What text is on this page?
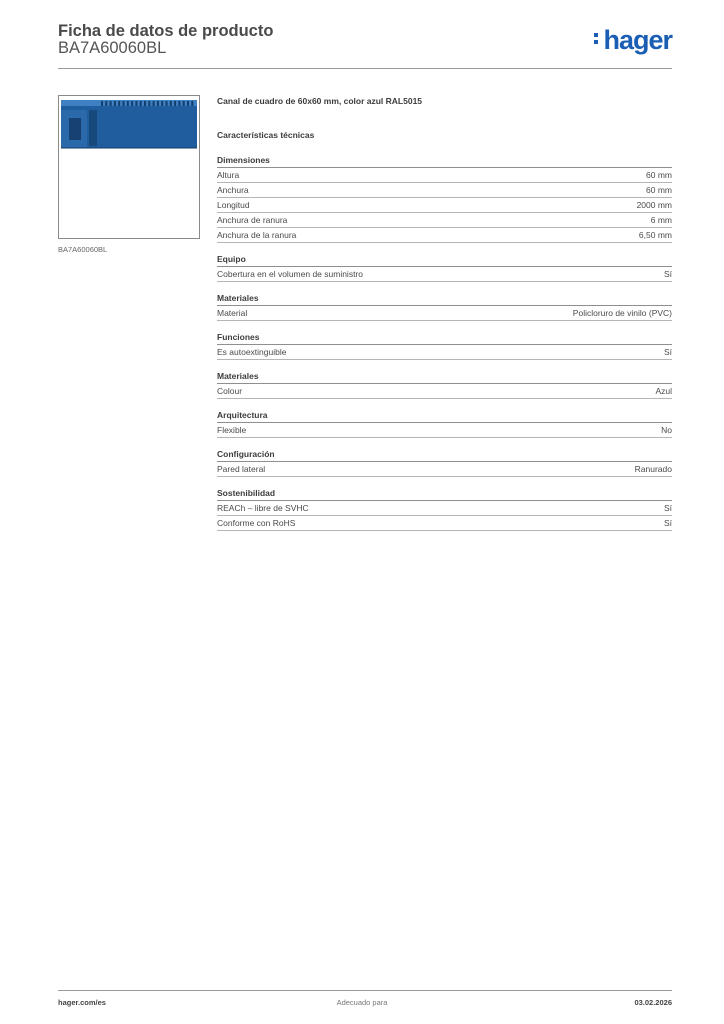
Ficha de datos de producto
BA7A60060BL	hager
BA7A60060BL
Canal de cuadro de 60x60 mm, color azul RAL5015
Características técnicas
Dimensiones
Altura	60 mm
Anchura	60 mm
Longitud	2000 mm
Anchura de ranura	6 mm
Anchura de la ranura	6,50 mm
Equipo
Cobertura en el volumen de suministro	Sí
Materiales
Material	Policloruro de vinilo (PVC)
Funciones
Es autoextinguible	Sí
Materiales
Colour	Azul
Arquitectura
Flexible	No
Configuración
Pared lateral	Ranurado
Sostenibilidad
REACh – libre de SVHC	Sí
Conforme con RoHS	Sí
hager.com/es	Adecuado para	03.02.2026
